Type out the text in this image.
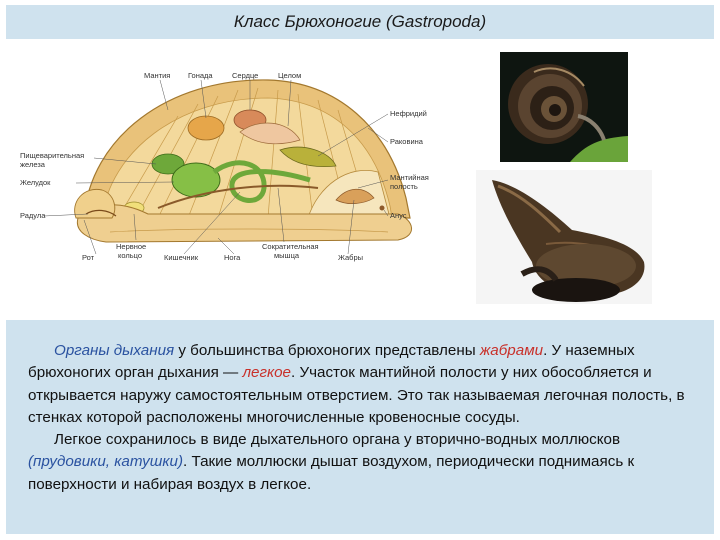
Класс Брюхоногие (Gastropoda)
Мантия Гонада	Сердце	Целом
Нефридий
Раковина
Пищеварительная
железа
Желудок
Мантийная
полость
Радула	Анус
Рот
Нервное
кольцо	Кишечник	Нога
Сократительная
мышца	Жабры

Органы дыхания у большинства брюхоногих представлены жабрами. У наземных брюхоногих орган дыхания — легкое. Участок мантийной полости у них обособляется и открывается наружу самостоятельным отверстием. Это так называемая легочная полость, в стенках которой расположены многочисленные кровеносные сосуды.

Легкое сохранилось в виде дыхательного органа у вторично-водных моллюсков (прудовики, катушки). Такие моллюски дышат воздухом, периодически поднимаясь к поверхности и набирая воздух в легкое.
